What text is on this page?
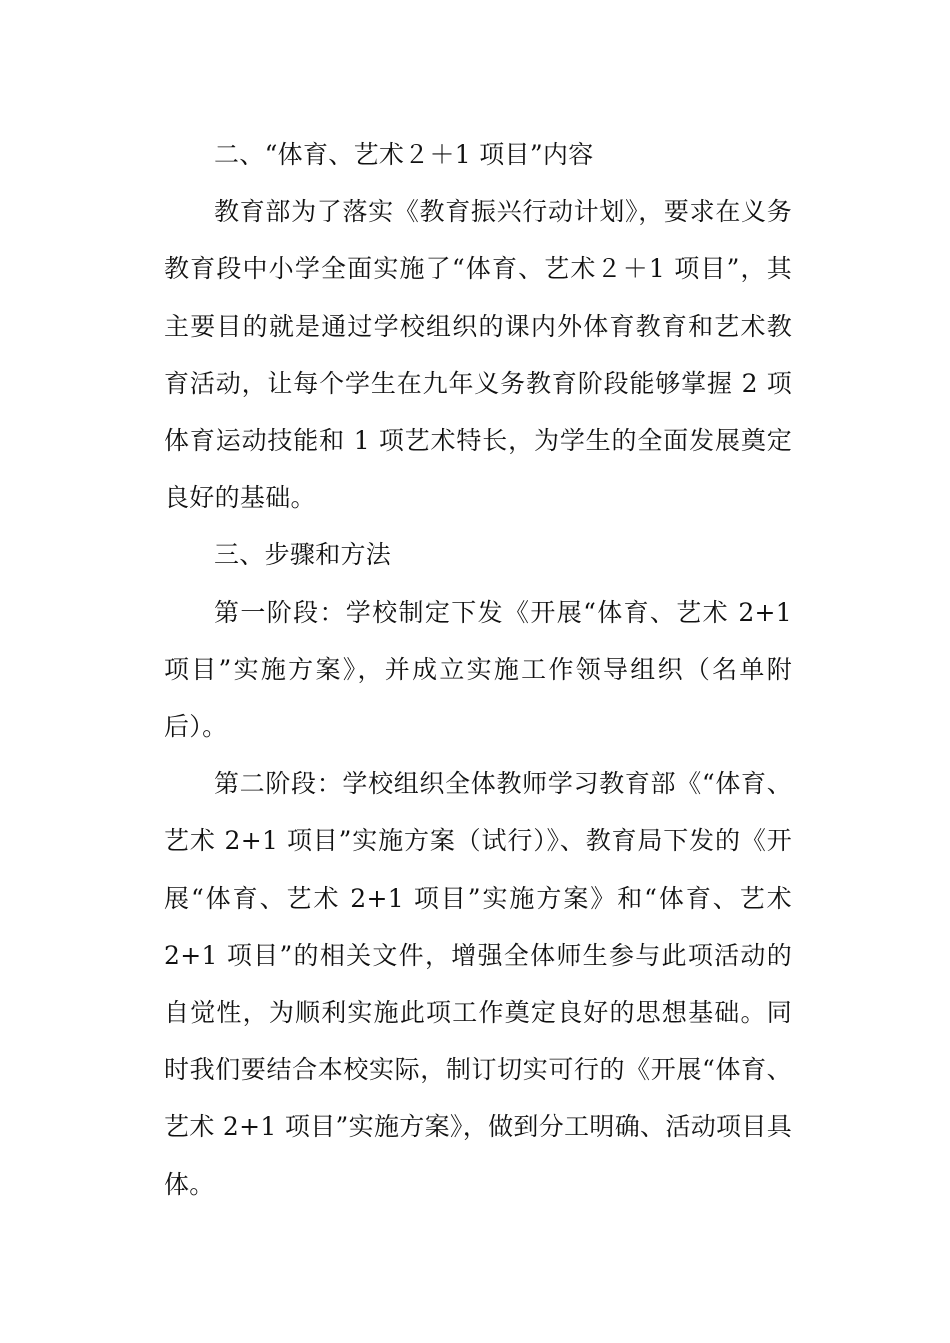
二、“体育、艺术２＋1 项目”内容

教育部为了落实《教育振兴行动计划》，要求在义务教育段中小学全面实施了“体育、艺术２＋1 项目”，其主要目的就是通过学校组织的课内外体育教育和艺术教育活动，让每个学生在九年义务教育阶段能够掌握 2 项体育运动技能和 1 项艺术特长，为学生的全面发展奠定良好的基础。

三、步骤和方法

第一阶段：学校制定下发《开展“体育、艺术 2+1 项目”实施方案》，并成立实施工作领导组织（名单附后）。

第二阶段：学校组织全体教师学习教育部《“体育、艺术 2+1 项目”实施方案（试行）》、教育局下发的《开展“体育、艺术 2+1 项目”实施方案》和“体育、艺术 2+1 项目”的相关文件，增强全体师生参与此项活动的自觉性，为顺利实施此项工作奠定良好的思想基础。同时我们要结合本校实际，制订切实可行的《开展“体育、艺术 2+1 项目”实施方案》，做到分工明确、活动项目具体。
